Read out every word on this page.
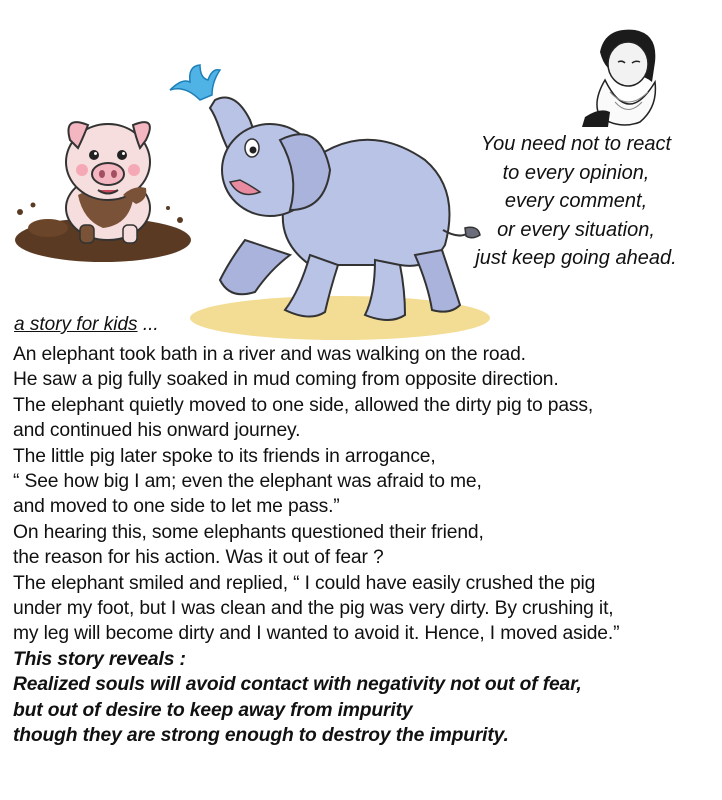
You need not to react
to every opinion,
every comment,
or every situation,
just keep going ahead.
a story for kids ...
An elephant took bath in a river and was walking on the road.
He saw a pig fully soaked in mud coming from opposite direction.
The elephant quietly moved to one side, allowed the dirty pig to pass,
and continued his onward journey.
The little pig later spoke to its friends in arrogance,
“ See how big I am; even the elephant was afraid to me,
and moved to one side to let me pass.”
On hearing this, some elephants questioned their friend,
the reason for his action. Was it out of fear ?
The elephant smiled and replied, “ I could have easily crushed the pig
under my foot, but I was clean and the pig was very dirty. By crushing it,
my leg will become dirty and I wanted to avoid it. Hence, I moved aside.”
This story reveals :
Realized souls will avoid contact with negativity not out of fear,
but out of desire to keep away from impurity
though they are strong enough to destroy the impurity.
